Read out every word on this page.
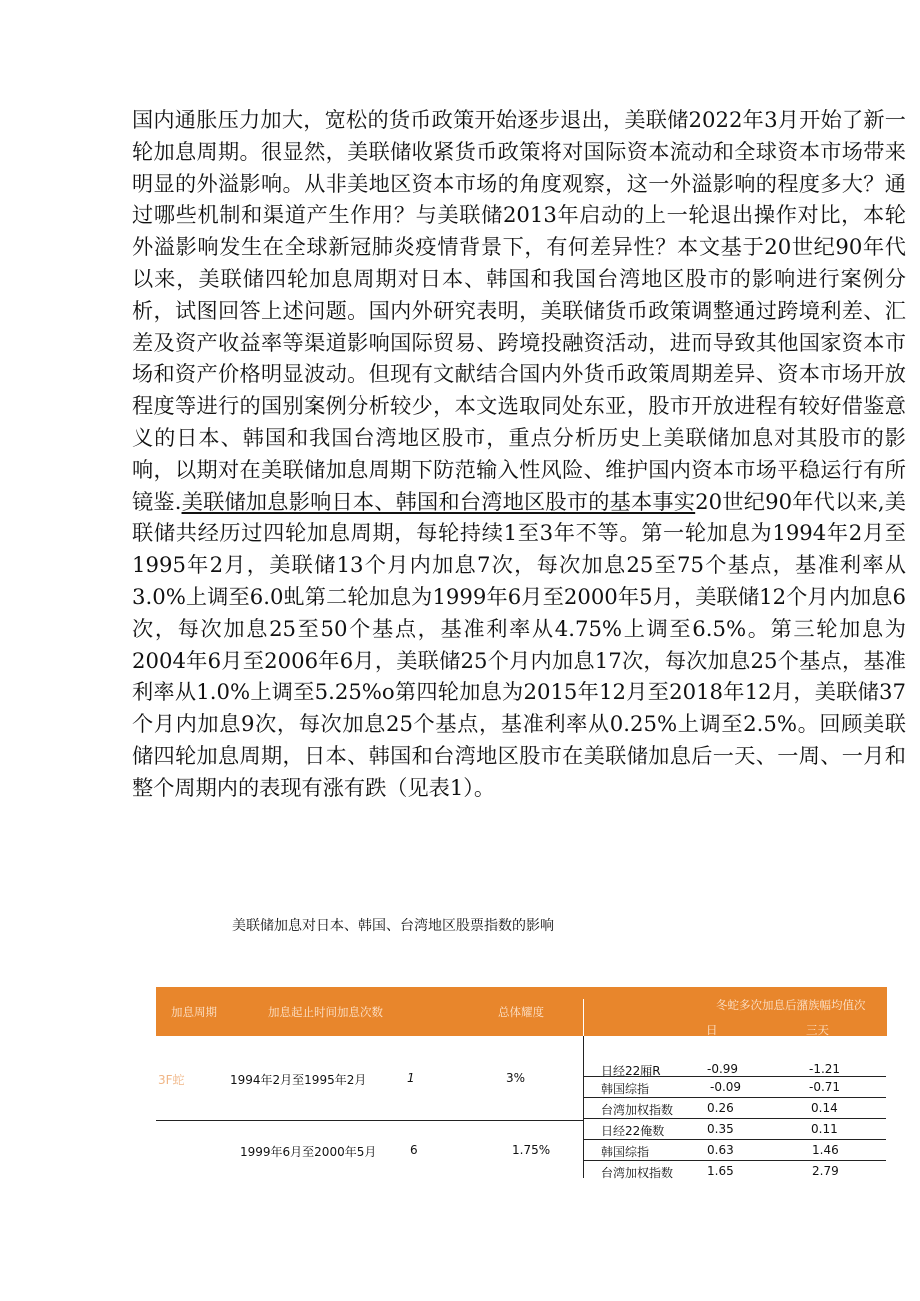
国内通胀压力加大，宽松的货币政策开始逐步退出，美联储2022年3月开始了新一轮加息周期。很显然，美联储收紧货币政策将对国际资本流动和全球资本市场带来明显的外溢影响。从非美地区资本市场的角度观察，这一外溢影响的程度多大？通过哪些机制和渠道产生作用？与美联储2013年启动的上一轮退出操作对比，本轮外溢影响发生在全球新冠肺炎疫情背景下，有何差异性？本文基于20世纪90年代以来，美联储四轮加息周期对日本、韩国和我国台湾地区股市的影响进行案例分析，试图回答上述问题。国内外研究表明，美联储货币政策调整通过跨境利差、汇差及资产收益率等渠道影响国际贸易、跨境投融资活动，进而导致其他国家资本市场和资产价格明显波动。但现有文献结合国内外货币政策周期差异、资本市场开放程度等进行的国别案例分析较少，本文选取同处东亚，股市开放进程有较好借鉴意义的日本、韩国和我国台湾地区股市，重点分析历史上美联储加息对其股市的影响，以期对在美联储加息周期下防范输入性风险、维护国内资本市场平稳运行有所镜鉴.美联储加息影响日本、韩国和台湾地区股市的基本事实20世纪90年代以来,美联储共经历过四轮加息周期，每轮持续1至3年不等。第一轮加息为1994年2月至1995年2月，美联储13个月内加息7次，每次加息25至75个基点，基准利率从3.0%上调至6.0虬第二轮加息为1999年6月至2000年5月，美联储12个月内加息6次，每次加息25至50个基点，基准利率从4.75%上调至6.5%。第三轮加息为2004年6月至2006年6月，美联储25个月内加息17次，每次加息25个基点，基准利率从1.0%上调至5.25%o第四轮加息为2015年12月至2018年12月，美联储37个月内加息9次，每次加息25个基点，基准利率从0.25%上调至2.5%。回顾美联储四轮加息周期，日本、韩国和台湾地区股市在美联储加息后一天、一周、一月和整个周期内的表现有涨有跌（见表1）。

美联储加息对日本、韩国、台湾地区股票指数的影响
加息周期	加息起止时间加息次数	总体耀度	冬蛇多次加息后潴族幅均值次
日	三天
3F蛇	1994年2月至1995年2月	1	3%	日经22厢R	-0.99	-1.21
韩国综指	-0.09	-0.71
台湾加权指数	0.26	0.14
1999年6月至2000年5月	6	1.75%
日经22俺数	0.35	0.11
韩国综指	0.63	1.46
台湾加权指数	1.65	2.79
